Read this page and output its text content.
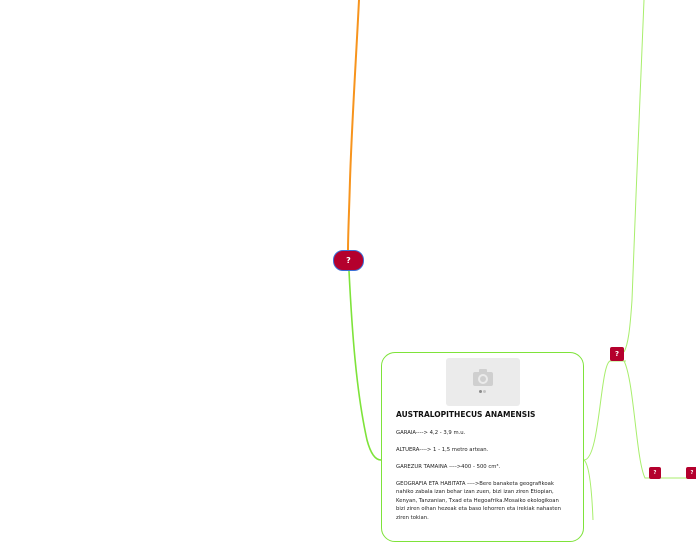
?
?
?	?
AUSTRALOPITHECUS ANAMENSIS

GARAIA----> 4,2 - 3,9 m.u.

ALTUERA----> 1 - 1,5 metro artean.

GAREZUR TAMAINA ---->400 - 500 cm³.

GEOGRAFIA ETA HABITATA ---->Bere banaketa geografikoak nahiko zabala izan behar izan zuen, bizi izan ziren Etiopian, Kenyan, Tanzanian, Txad eta Hegoafrika.Mosaiko ekologikoan bizi ziren oihan hezeak eta baso lehorren eta irekiak nahasten ziren tokian.
